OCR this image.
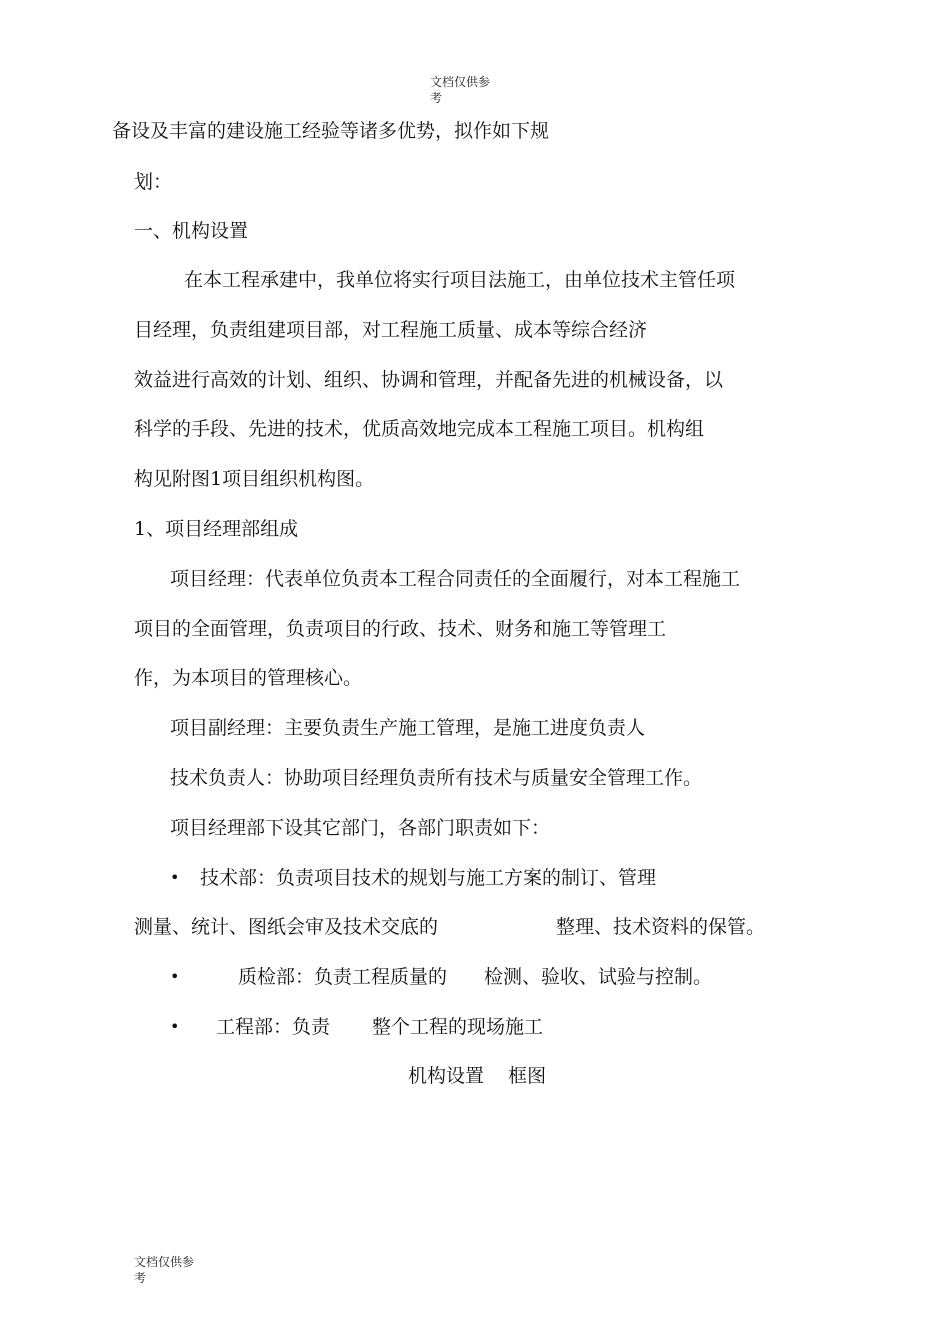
文档仅供参
考
备设及丰富的建设施工经验等诸多优势，拟作如下规
划：
一、机构设置
在本工程承建中，我单位将实行项目法施工，由单位技术主管任项
目经理，负责组建项目部，对工程施工质量、成本等综合经济
效益进行高效的计划、组织、协调和管理，并配备先进的机械设备，以
科学的手段、先进的技术，优质高效地完成本工程施工项目。机构组
构见附图1项目组织机构图。
1、项目经理部组成
项目经理：代表单位负责本工程合同责任的全面履行，对本工程施工
项目的全面管理，负责项目的行政、技术、财务和施工等管理工
作，为本项目的管理核心。
项目副经理：主要负责生产施工管理，是施工进度负责人
技术负责人：协助项目经理负责所有技术与质量安全管理工作。
项目经理部下设其它部门，各部门职责如下：
• 技术部：负责项目技术的规划与施工方案的制订、管理
测量、统计、图纸会审及技术交底的	整理、技术资料的保管。
•	质检部：负责工程质量的 检测、验收、试验与控制。
• 工程部：负责 整个工程的现场施工
机构设置    框图
文档仅供参
考
